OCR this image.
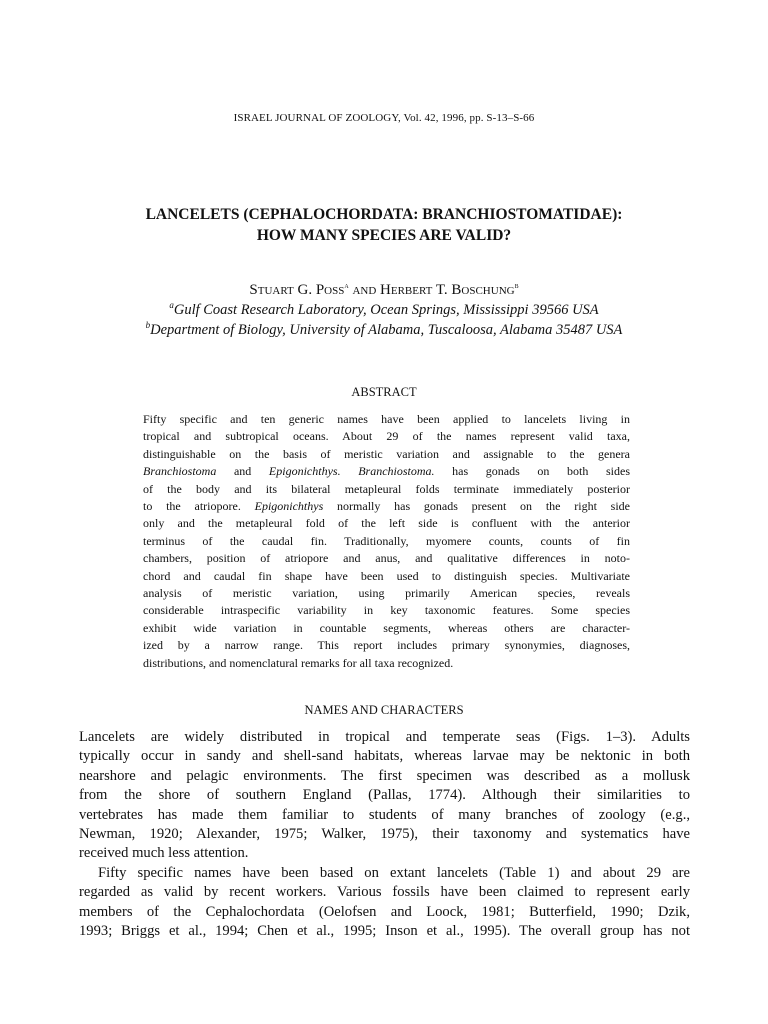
ISRAEL JOURNAL OF ZOOLOGY, Vol. 42, 1996, pp. S-13–S-66
LANCELETS (CEPHALOCHORDATA: BRANCHIOSTOMATIDAE):
HOW MANY SPECIES ARE VALID?
Stuart G. Poss$^a$ and Herbert T. Boschung$^b$
$^a$Gulf Coast Research Laboratory, Ocean Springs, Mississippi 39566 USA
$^b$Department of Biology, University of Alabama, Tuscaloosa, Alabama 35487 USA
ABSTRACT
Fifty specific and ten generic names have been applied to lancelets living in
tropical and subtropical oceans. About 29 of the names represent valid taxa,
distinguishable on the basis of meristic variation and assignable to the genera
Branchiostoma and Epigonichthys. Branchiostoma. has gonads on both sides
of the body and its bilateral metapleural folds terminate immediately posterior
to the atriopore. Epigonichthys normally has gonads present on the right side
only and the metapleural fold of the left side is confluent with the anterior
terminus of the caudal fin. Traditionally, myomere counts, counts of fin
chambers, position of atriopore and anus, and qualitative differences in noto-
chord and caudal fin shape have been used to distinguish species. Multivariate
analysis of meristic variation, using primarily American species, reveals
considerable intraspecific variability in key taxonomic features. Some species
exhibit wide variation in countable segments, whereas others are character-
ized by a narrow range. This report includes primary synonymies, diagnoses,
distributions, and nomenclatural remarks for all taxa recognized.
NAMES AND CHARACTERS
Lancelets are widely distributed in tropical and temperate seas (Figs. 1–3). Adults
typically occur in sandy and shell-sand habitats, whereas larvae may be nektonic in both
nearshore and pelagic environments. The first specimen was described as a mollusk
from the shore of southern England (Pallas, 1774). Although their similarities to
vertebrates has made them familiar to students of many branches of zoology (e.g.,
Newman, 1920; Alexander, 1975; Walker, 1975), their taxonomy and systematics have
received much less attention.
Fifty specific names have been based on extant lancelets (Table 1) and about 29 are
regarded as valid by recent workers. Various fossils have been claimed to represent early
members of the Cephalochordata (Oelofsen and Loock, 1981; Butterfield, 1990; Dzik,
1993; Briggs et al., 1994; Chen et al., 1995; Inson et al., 1995). The overall group has not
